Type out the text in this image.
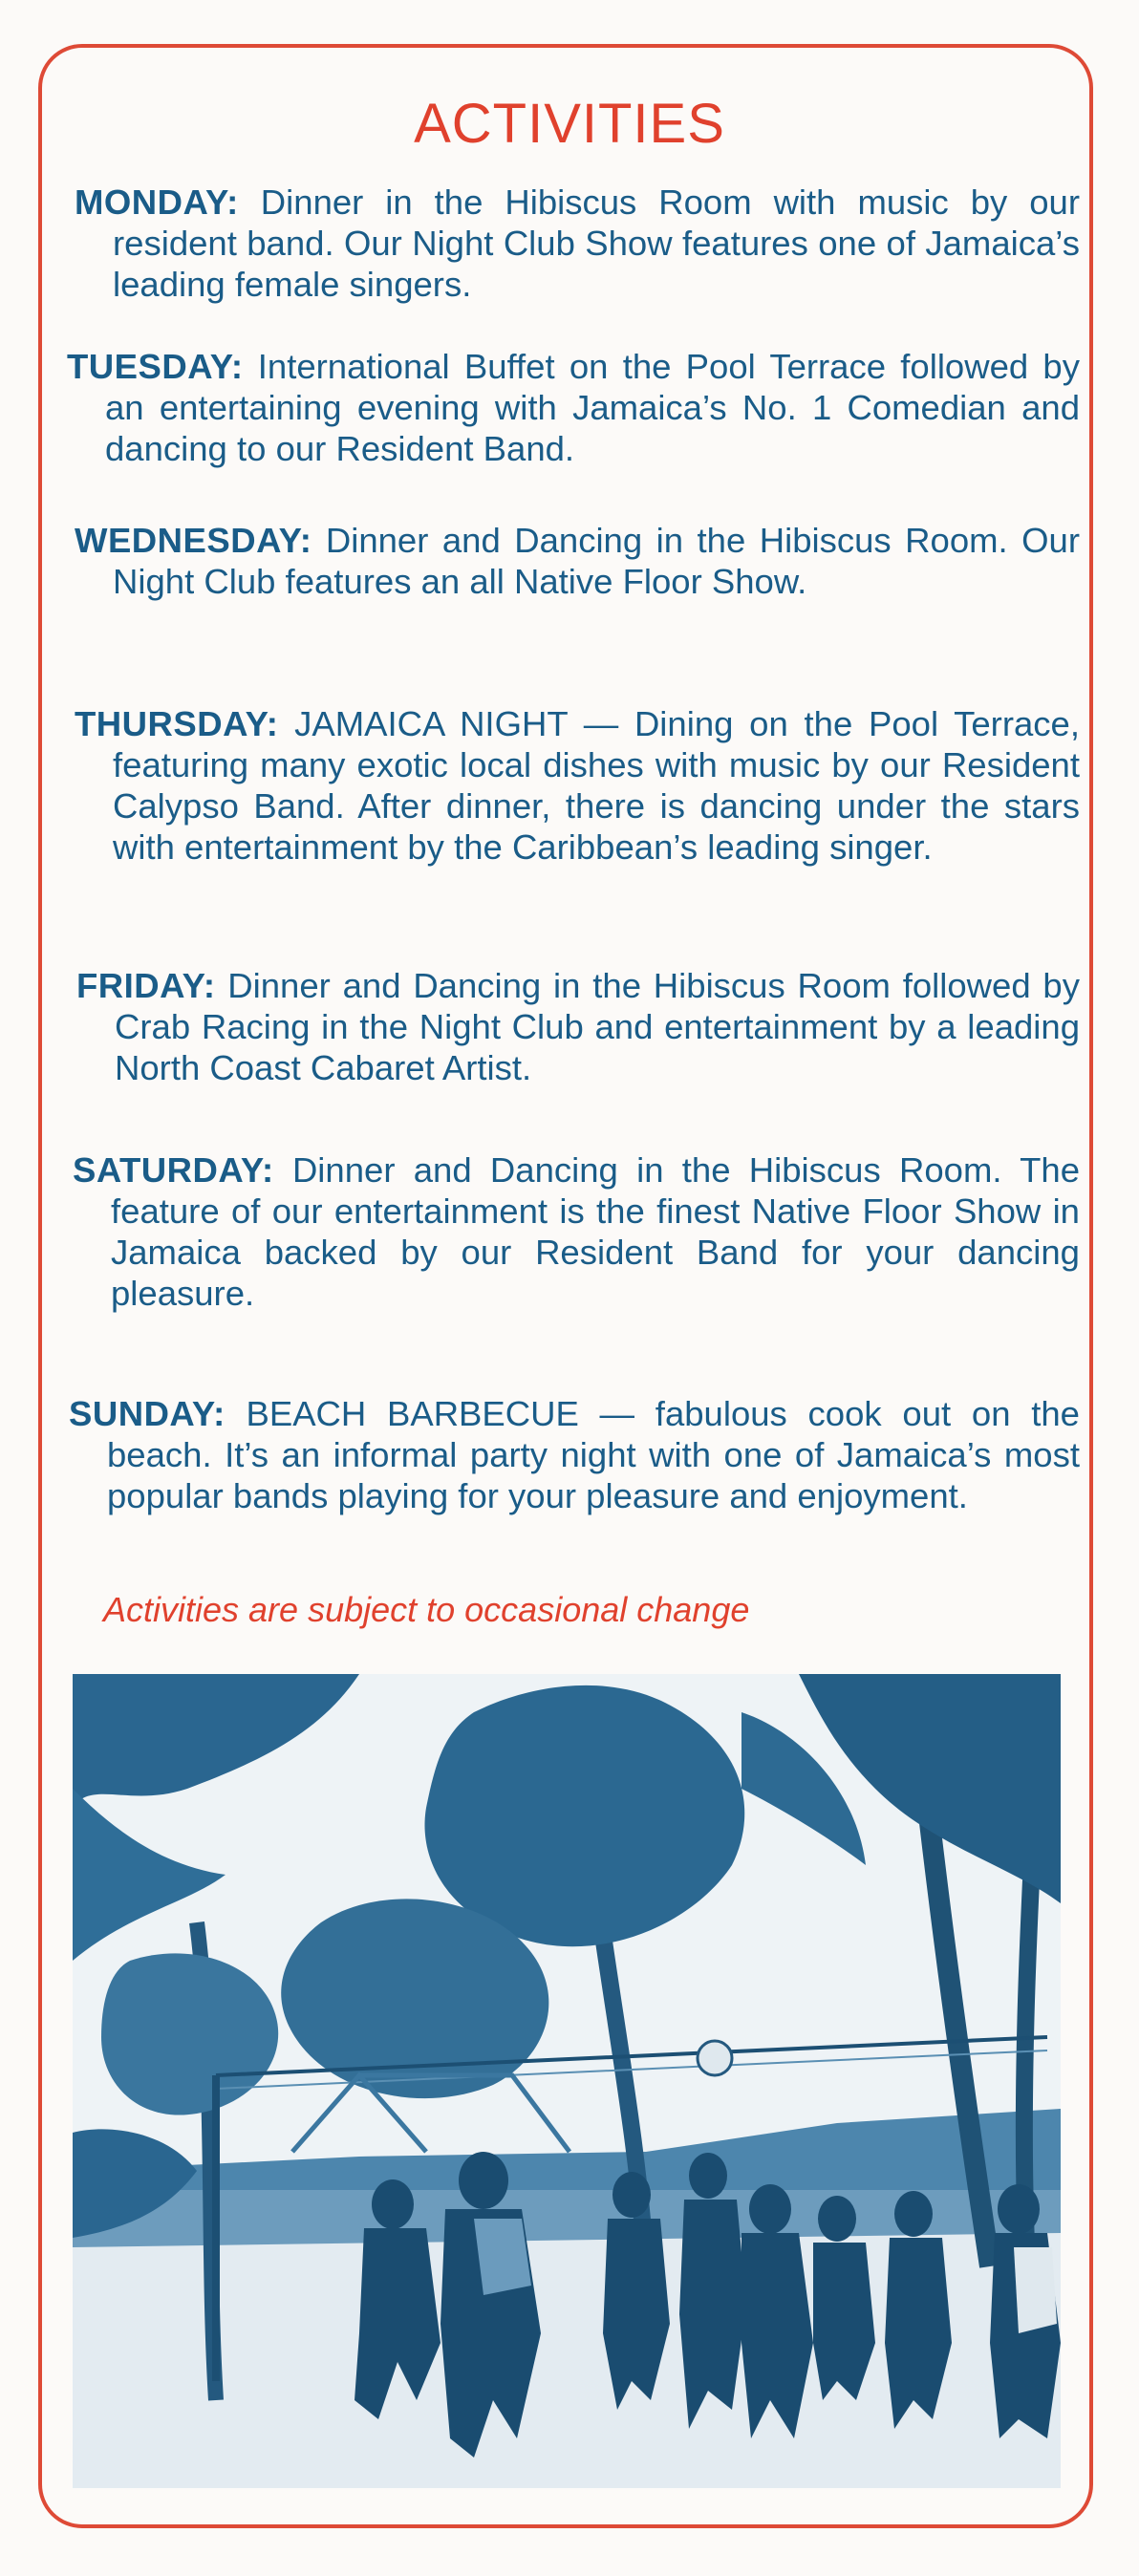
ACTIVITIES

MONDAY: Dinner in the Hibiscus Room with music by our resident band. Our Night Club Show features one of Jamaica’s leading female singers.

TUESDAY: International Buffet on the Pool Terrace followed by an entertaining evening with Jamaica’s No. 1 Comedian and dancing to our Resident Band.

WEDNESDAY: Dinner and Dancing in the Hibiscus Room. Our Night Club features an all Native Floor Show.

THURSDAY: JAMAICA NIGHT — Dining on the Pool Terrace, featuring many exotic local dishes with music by our Resident Calypso Band. After dinner, there is dancing under the stars with entertainment by the Caribbean’s leading singer.

FRIDAY: Dinner and Dancing in the Hibiscus Room followed by Crab Racing in the Night Club and entertainment by a leading North Coast Cabaret Artist.

SATURDAY: Dinner and Dancing in the Hibiscus Room. The feature of our entertainment is the finest Native Floor Show in Jamaica backed by our Resident Band for your dancing pleasure.

SUNDAY: BEACH BARBECUE — fabulous cook out on the beach. It’s an informal party night with one of Jamaica’s most popular bands playing for your pleasure and enjoyment.

Activities are subject to occasional change
